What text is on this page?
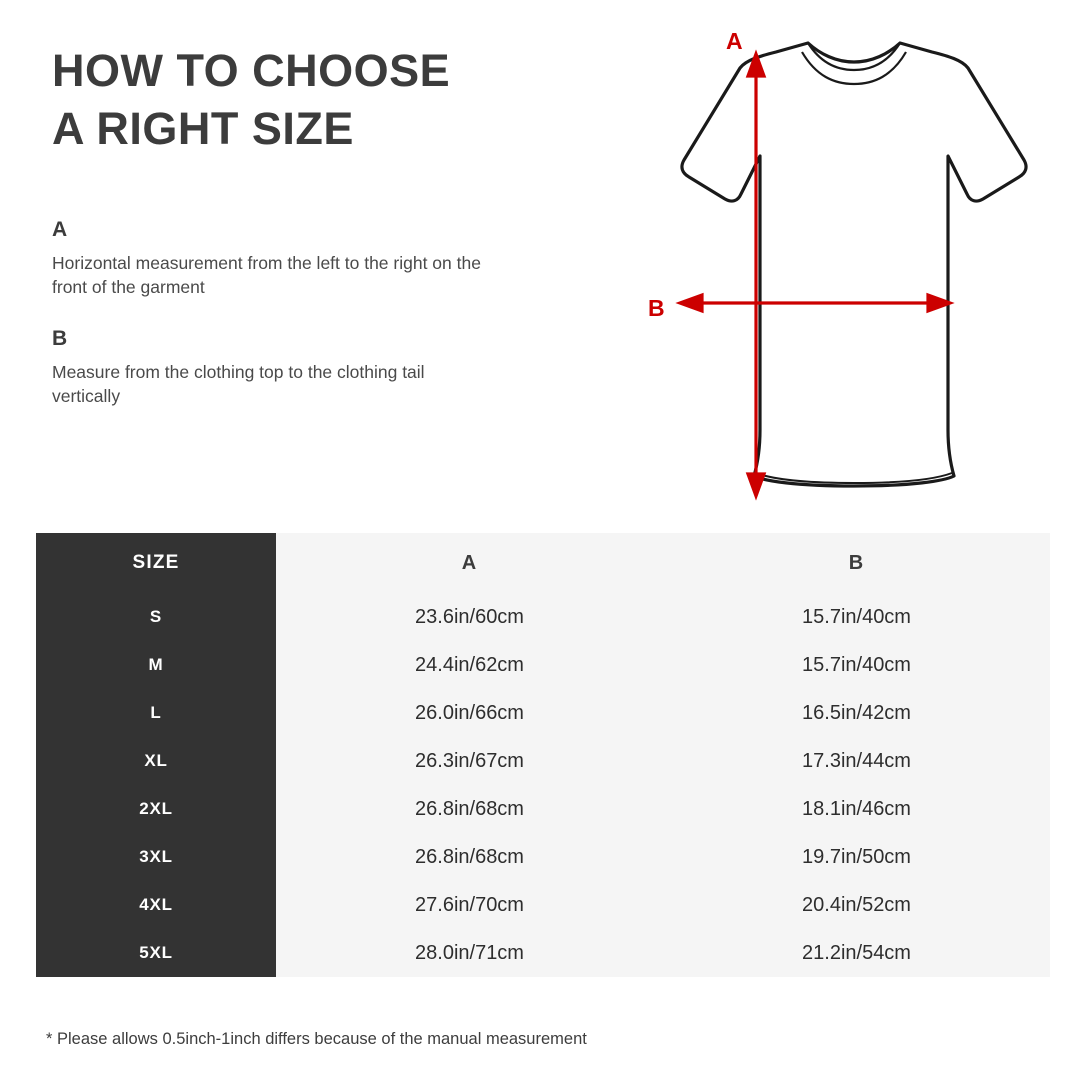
HOW TO CHOOSE
A RIGHT SIZE
A
Horizontal measurement from the left to the right on the front of the garment
B
Measure from the clothing top to the clothing tail vertically
A
B
SIZE	A	B
S	23.6in/60cm	15.7in/40cm
M	24.4in/62cm	15.7in/40cm
L	26.0in/66cm	16.5in/42cm
XL	26.3in/67cm	17.3in/44cm
2XL	26.8in/68cm	18.1in/46cm
3XL	26.8in/68cm	19.7in/50cm
4XL	27.6in/70cm	20.4in/52cm
5XL	28.0in/71cm	21.2in/54cm
* Please allows 0.5inch-1inch differs because of the manual measurement
